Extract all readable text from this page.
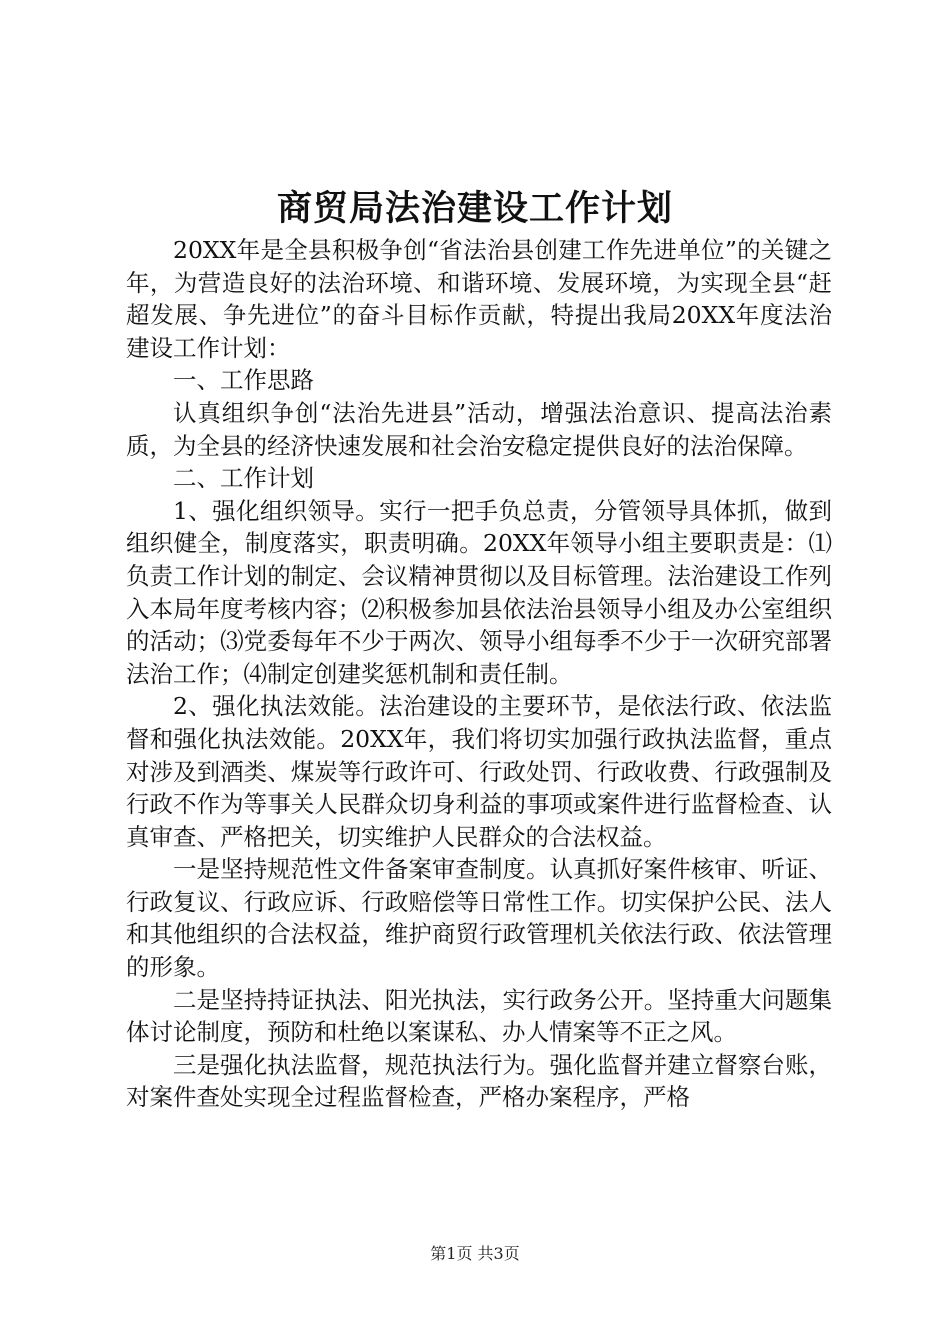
商贸局法治建设工作计划

20XX年是全县积极争创“省法治县创建工作先进单位”的关键之年，为营造良好的法治环境、和谐环境、发展环境，为实现全县“赶超发展、争先进位”的奋斗目标作贡献，特提出我局20XX年度法治建设工作计划：

一、工作思路

认真组织争创“法治先进县”活动，增强法治意识、提高法治素质，为全县的经济快速发展和社会治安稳定提供良好的法治保障。

二、工作计划

1、强化组织领导。实行一把手负总责，分管领导具体抓，做到组织健全，制度落实，职责明确。20XX年领导小组主要职责是：⑴负责工作计划的制定、会议精神贯彻以及目标管理。法治建设工作列入本局年度考核内容；⑵积极参加县依法治县领导小组及办公室组织的活动；⑶党委每年不少于两次、领导小组每季不少于一次研究部署法治工作；⑷制定创建奖惩机制和责任制。

2、强化执法效能。法治建设的主要环节，是依法行政、依法监督和强化执法效能。20XX年，我们将切实加强行政执法监督，重点对涉及到酒类、煤炭等行政许可、行政处罚、行政收费、行政强制及行政不作为等事关人民群众切身利益的事项或案件进行监督检查、认真审查、严格把关，切实维护人民群众的合法权益。

一是坚持规范性文件备案审查制度。认真抓好案件核审、听证、行政复议、行政应诉、行政赔偿等日常性工作。切实保护公民、法人和其他组织的合法权益，维护商贸行政管理机关依法行政、依法管理的形象。

二是坚持持证执法、阳光执法，实行政务公开。坚持重大问题集体讨论制度，预防和杜绝以案谋私、办人情案等不正之风。

三是强化执法监督，规范执法行为。强化监督并建立督察台账，对案件查处实现全过程监督检查，严格办案程序，严格

第1页 共3页
